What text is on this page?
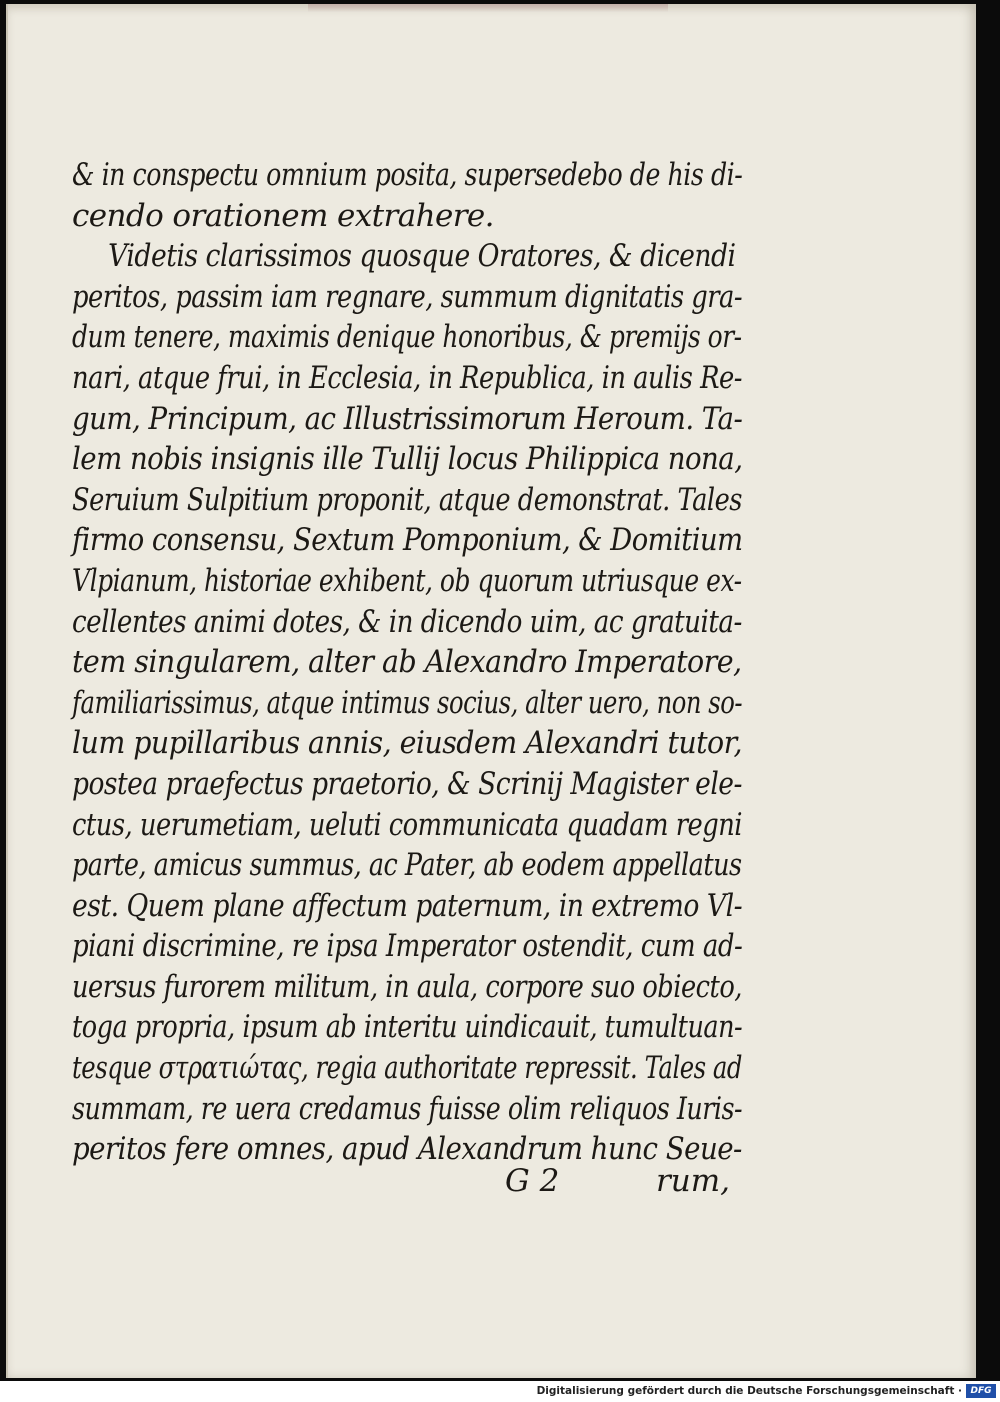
& in conspectu omnium posita, supersedebo de his di-
cendo orationem extrahere.
Videtis clarissimos quosque Oratores, & dicendi
peritos, passim iam regnare, summum dignitatis gra-
dum tenere, maximis denique honoribus, & premijs or-
nari, atque frui, in Ecclesia, in Republica, in aulis Re-
gum, Principum, ac Illustrissimorum Heroum. Ta-
lem nobis insignis ille Tullij locus Philippica nona,
Seruium Sulpitium proponit, atque demonstrat. Tales
firmo consensu, Sextum Pomponium, & Domitium
Vlpianum, historiae exhibent, ob quorum utriusque ex-
cellentes animi dotes, & in dicendo uim, ac gratuita-
tem singularem, alter ab Alexandro Imperatore,
familiarissimus, atque intimus socius, alter uero, non so-
lum pupillaribus annis, eiusdem Alexandri tutor,
postea praefectus praetorio, & Scrinij Magister ele-
ctus, uerumetiam, ueluti communicata quadam regni
parte, amicus summus, ac Pater, ab eodem appellatus
est. Quem plane affectum paternum, in extremo Vl-
piani discrimine, re ipsa Imperator ostendit, cum ad-
uersus furorem militum, in aula, corpore suo obiecto,
toga propria, ipsum ab interitu uindicauit, tumultuan-
tesque στρατιώτας, regia authoritate repressit. Tales ad
summam, re uera credamus fuisse olim reliquos Iuris-
peritos fere omnes, apud Alexandrum hunc Seue-
G 2	rum,
Digitalisierung gefördert durch die Deutsche Forschungsgemeinschaft · DFG
